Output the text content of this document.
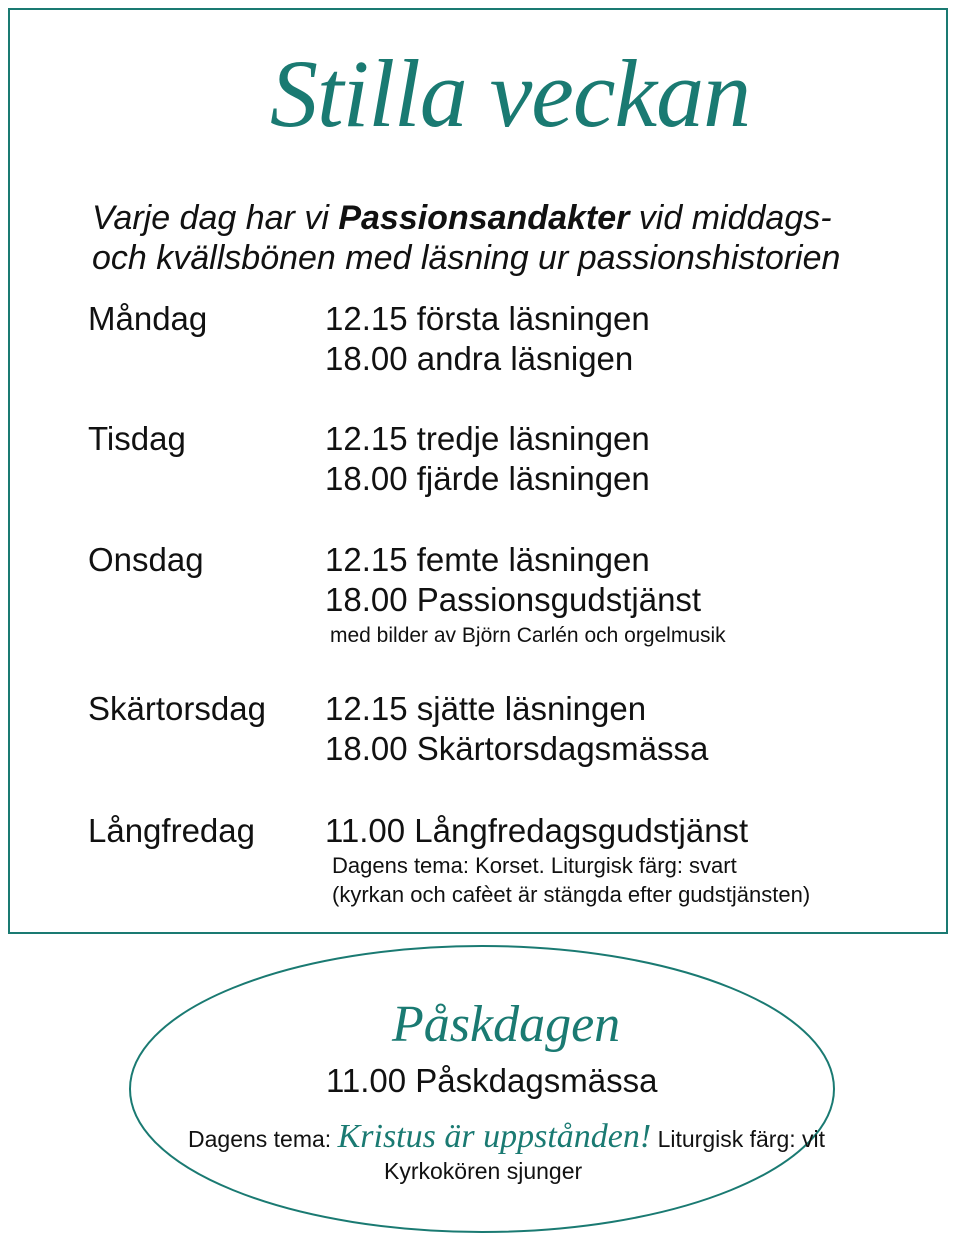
Stilla veckan
Varje dag har vi Passionsandakter vid middags-
och kvällsbönen med läsning ur passionshistorien
Måndag	12.15 första läsningen
18.00 andra läsnigen
Tisdag	12.15 tredje läsningen
18.00 fjärde läsningen
Onsdag	12.15 femte läsningen
18.00 Passionsgudstjänst
med bilder av Björn Carlén och orgelmusik
Skärtorsdag 12.15 sjätte läsningen
18.00 Skärtorsdagsmässa
Långfredag 11.00 Långfredagsgudstjänst
Dagens tema: Korset. Liturgisk färg: svart
(kyrkan och cafèet är stängda efter gudstjänsten)
Påskdagen
11.00 Påskdagsmässa
Dagens tema: Kristus är uppstånden! Liturgisk färg: vit
Kyrkokören sjunger
